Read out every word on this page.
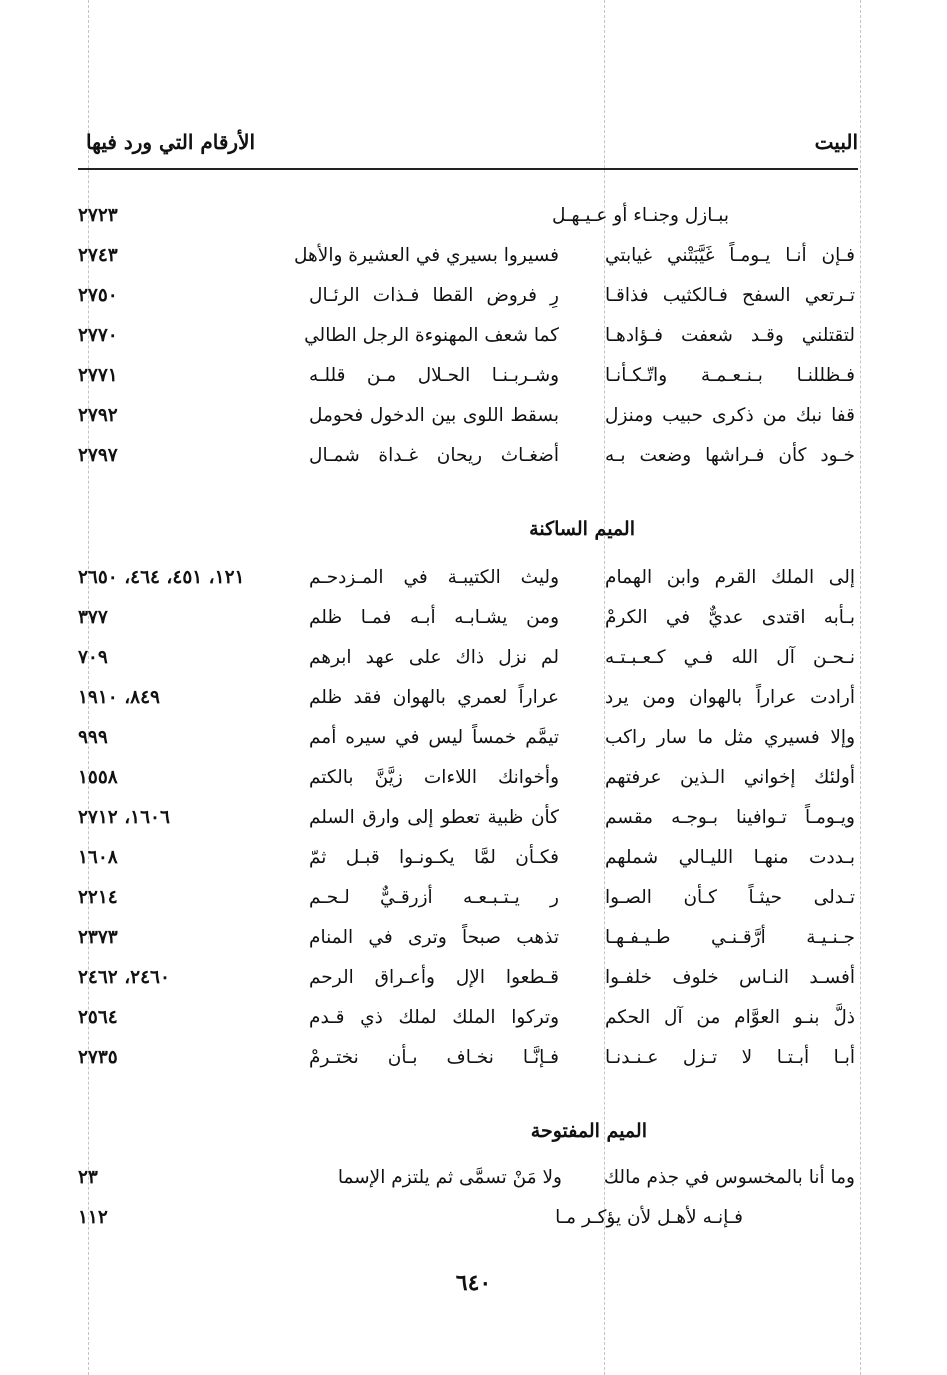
البيت
الأرقام التي ورد فيها
ببـازل وجنـاء أو عـيـهـل
٢٧٢٣
فـإن أنـا يـومـاً غَيَّبَتْني غيابتي
فسيروا بسيري في العشيرة والأهل
٢٧٤٣
تـرتعي السفح فـالكثيب فذاقـا
رِ فروض القطا فـذات الرئـال
٢٧٥٠
لتقتلني وقـد شعفت فـؤادهـا
كما شعف المهنوءة الرجل الطالي
٢٧٧٠
فـظللنـا بـنـعـمـة واتّـكـأنـا
وشـربـنـا الحـلال مـن قللـه
٢٧٧١
قفا نبك من ذكرى حبيب ومنزل
بسقط اللوى بين الدخول فحومل
٢٧٩٢
خـود كأن فـراشها وضعت بـه
أضغـاث ريحان غـداة شمـال
٢٧٩٧
الميم الساكنة
إلى الملك القرم وابن الهمام
وليث الكتيبـة في المـزدحـم
١٢١، ٤٥١، ٤٦٤، ٢٦٥٠
بـأبه اقتدى عديٌّ في الكرمْ
ومن يشـابـه أبـه فمـا ظلم
٣٧٧
نـحـن آل الله فـي كـعـبـتـه
لم نزل ذاك على عهد ابرهم
٧٠٩
أرادت عراراً بالهوان ومن يرد
عراراً لعمري بالهوان فقد ظلم
٨٤٩، ١٩١٠
وإلا فسيري مثل ما سار راكب
تيمَّم خمساً ليس في سيره أمم
٩٩٩
أولئك إخواني الـذين عرفتهم
وأخوانك اللاءات زيَّنَّ بالكتم
١٥٥٨
ويـومـاً تـوافينا بـوجـه مقسم
كأن ظبية تعطو إلى وارق السلم
١٦٠٦، ٢٧١٢
بـددت منهـا الليـالي شملهم
فكـأن لمَّا يكـونـوا قبـل ثمّ
١٦٠٨
تـدلى حيثـاً كـأن الصـوا
ر يـتـبـعـه أزرقـيٌّ لـحـم
٢٢١٤
جـنـيـة أرَّقـنـي طـيـفـهـا
تذهب صبحاً وترى في المنام
٢٣٧٣
أفسـد النـاس خلوف خلفـوا
قـطعوا الإل وأعـراق الرحم
٢٤٦٠، ٢٤٦٢
ذلَّ بنـو العوَّام من آل الحكم
وتركوا الملك لملك ذي قـدم
٢٥٦٤
أبـا أبـتـا لا تـزل عـنـدنـا
فـإنَّـا نخـاف بـأن نختـرمْ
٢٧٣٥
الميم المفتوحة
وما أنا بالمخسوس في جذم مالك
ولا مَنْ تسمَّى ثم يلتزم الإسما
٢٣
فـإنـه لأهـل لأن يؤكـر مـا
١١٢
٦٤٠
